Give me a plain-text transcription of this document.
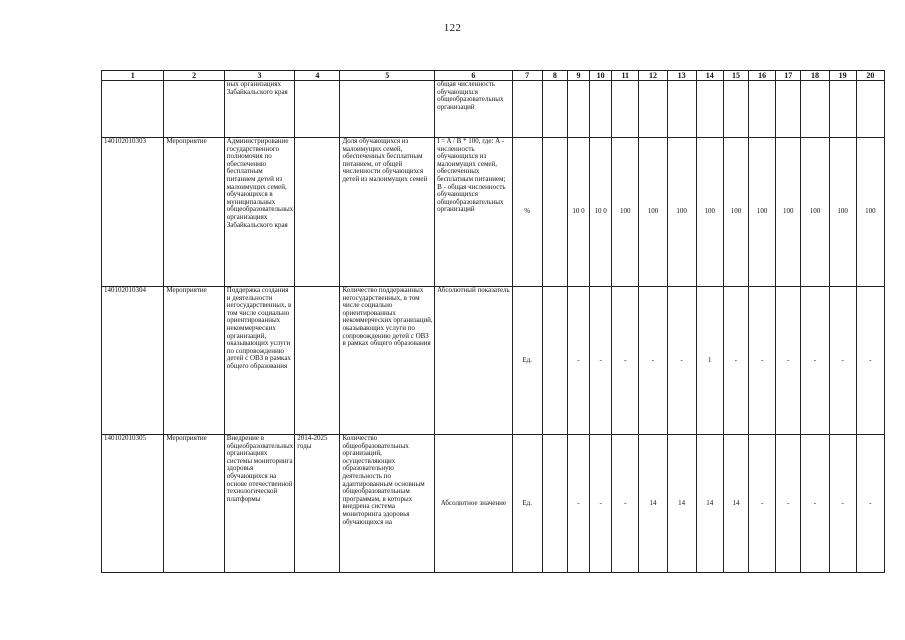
122
1	2	3	4	5	6	7	8	9	10	11	12	13	14	15	16	17	18	19	20
		ных организациях Забайкальского края			общая численность обучающихся общеобразовательных организаций														
140102010303	Мероприятие	Администрирование государственного полномочия по обеспечению бесплатным питанием детей из малоимущих семей, обучающихся в муниципальных общеобразовательных организациях Забайкальского края		Доля обучающихся из малоимущих семей, обеспеченных бесплатным питанием, от общей численности обучающихся детей из малоимущих семей	I = A / B * 100, где: A - численность обучающихся из малоимущих семей, обеспеченных бесплатным питанием; B - общая численность обучающихся общеобразовательных организаций	%		10 0	10 0	100	100	100	100	100	100	100	100	100	100
140102010304	Мероприятие	Поддержка создания и деятельности негосударственных, в том числе социально ориентированных некоммерческих организаций, оказывающих услуги по сопровождению детей с ОВЗ в рамках общего образования		Количество поддержанных негосударственных, в том числе социально ориентированных некоммерческих организаций, оказывающих услуги по сопровождению детей с ОВЗ в рамках общего образования	Абсолютный показатель	Ед.		-	-	-	-	-	1	-	-	-	-	-	-
140102010305	Мероприятие	Внедрение в общеобразовательных организациях системы мониторинга здоровья обучающихся на основе отечественной технологической платформы	2014-2025 годы	Количество общеобразовательных организаций, осуществляющих образовательную деятельность по адаптированным основным общеобразовательным программам, в которых внедрена система мониторинга здоровья обучающихся на	Абсолютное значение	Ед.		-	-	-	14	14	14	14	-	-	-	-	-
